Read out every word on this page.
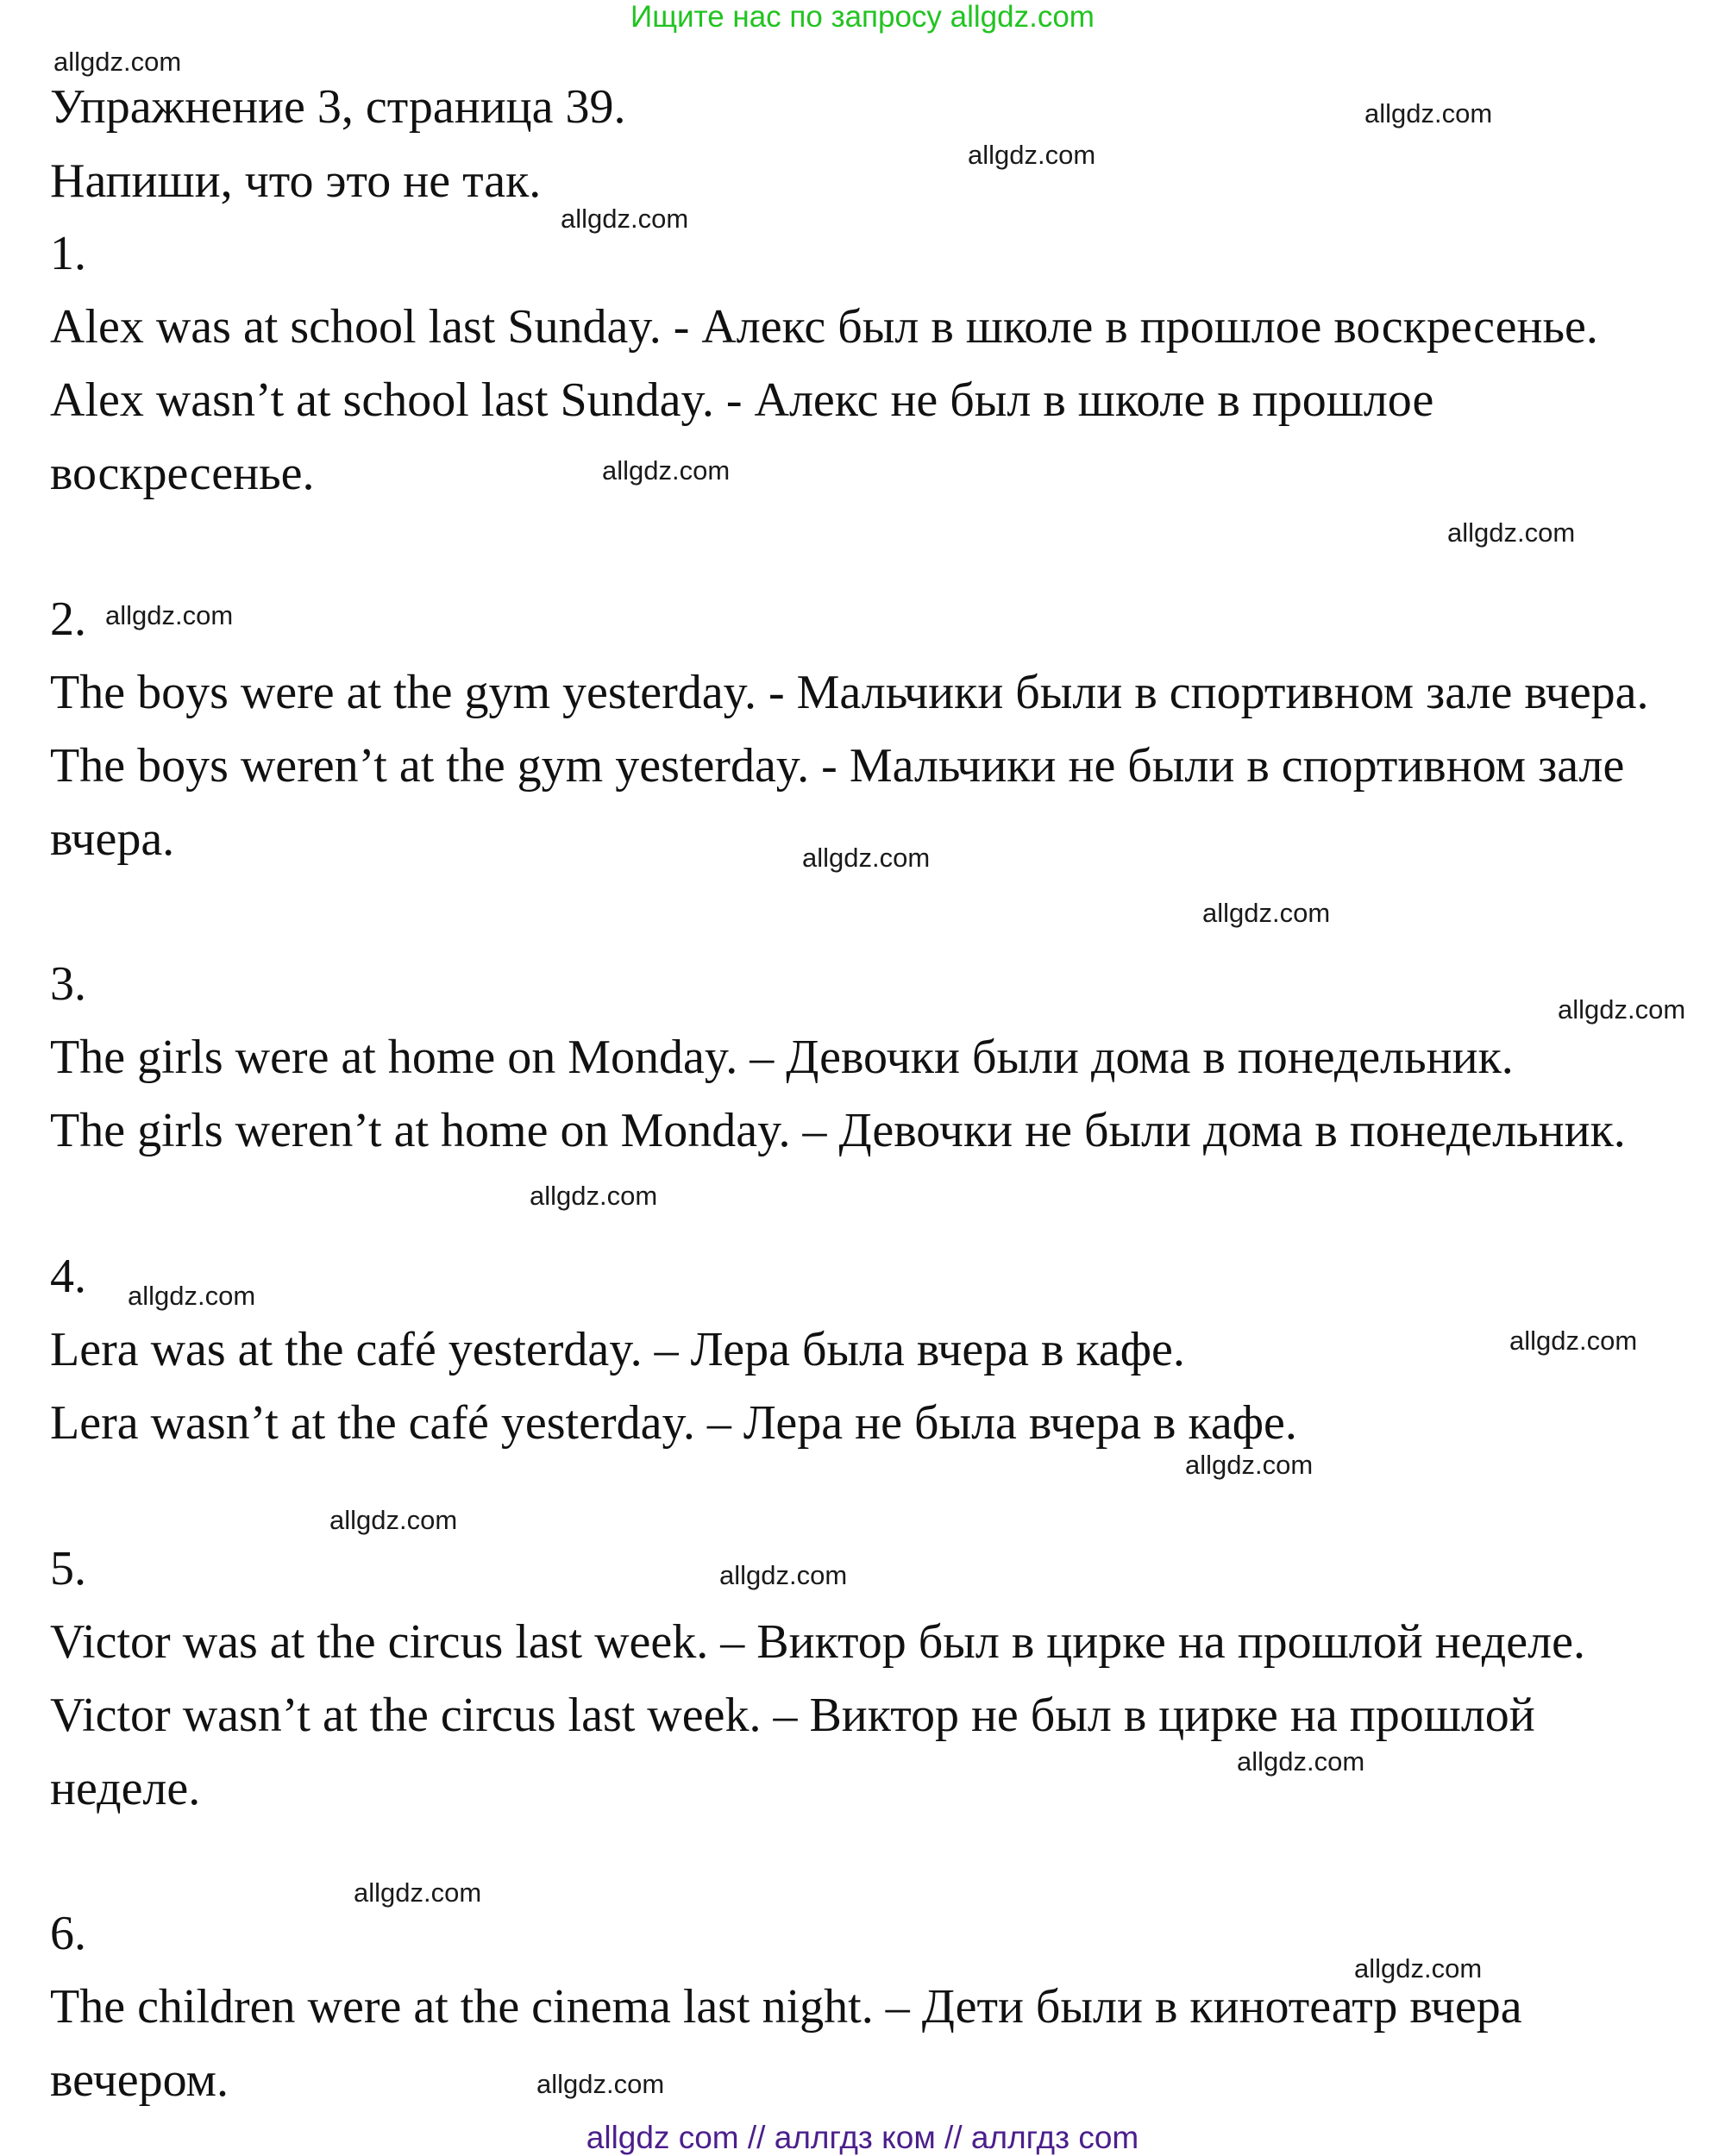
Ищите нас по запросу allgdz.com
Упражнение 3, страница 39.
Напиши, что это не так.
1.
Alex was at school last Sunday. - Алекс был в школе в прошлое воскресенье.
Alex wasn’t at school last Sunday. - Алекс не был в школе в прошлое
воскресенье.
2.
The boys were at the gym yesterday. - Мальчики были в спортивном зале вчера.
The boys weren’t at the gym yesterday. - Мальчики не были в спортивном зале
вчера.
3.
The girls were at home on Monday. – Девочки были дома в понедельник.
The girls weren’t at home on Monday. – Девочки не были дома в понедельник.
4.
Lera was at the café yesterday. – Лера была вчера в кафе.
Lera wasn’t at the café yesterday. – Лера не была вчера в кафе.
5.
Victor was at the circus last week. – Виктор был в цирке на прошлой неделе.
Victor wasn’t at the circus last week. – Виктор не был в цирке на прошлой
неделе.
6.
The children were at the cinema last night. – Дети были в кинотеатр вчера
вечером.
allgdz.com
allgdz.com
allgdz.com
allgdz.com
allgdz.com
allgdz.com
allgdz.com
allgdz.com
allgdz.com
allgdz.com
allgdz.com
allgdz.com
allgdz.com
allgdz.com
allgdz.com
allgdz.com
allgdz.com
allgdz.com
allgdz.com
allgdz.com
allgdz com // аллгдз ком // аллгдз com
